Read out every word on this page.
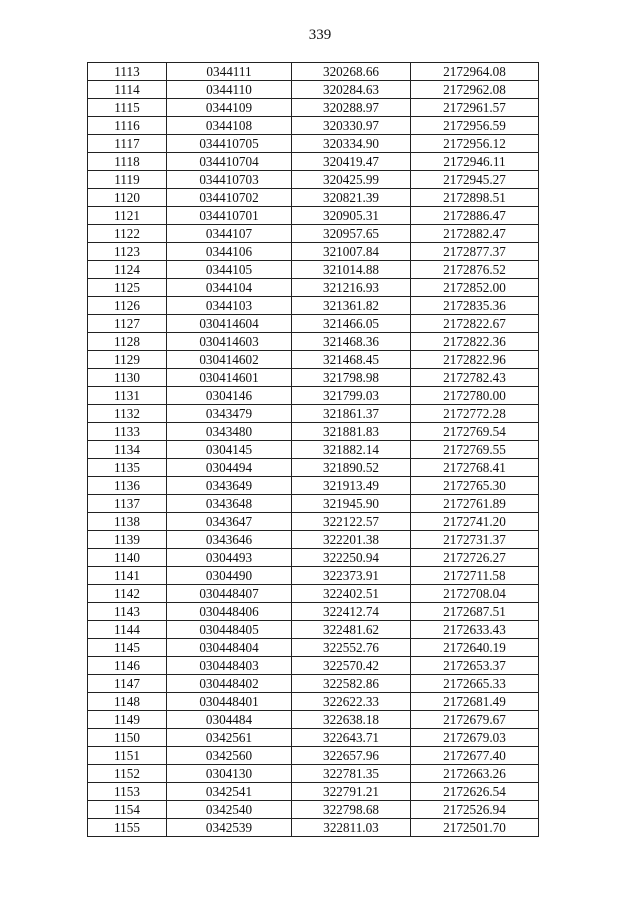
339
1113	0344111	320268.66	2172964.08
1114	0344110	320284.63	2172962.08
1115	0344109	320288.97	2172961.57
1116	0344108	320330.97	2172956.59
1117	034410705	320334.90	2172956.12
1118	034410704	320419.47	2172946.11
1119	034410703	320425.99	2172945.27
1120	034410702	320821.39	2172898.51
1121	034410701	320905.31	2172886.47
1122	0344107	320957.65	2172882.47
1123	0344106	321007.84	2172877.37
1124	0344105	321014.88	2172876.52
1125	0344104	321216.93	2172852.00
1126	0344103	321361.82	2172835.36
1127	030414604	321466.05	2172822.67
1128	030414603	321468.36	2172822.36
1129	030414602	321468.45	2172822.96
1130	030414601	321798.98	2172782.43
1131	0304146	321799.03	2172780.00
1132	0343479	321861.37	2172772.28
1133	0343480	321881.83	2172769.54
1134	0304145	321882.14	2172769.55
1135	0304494	321890.52	2172768.41
1136	0343649	321913.49	2172765.30
1137	0343648	321945.90	2172761.89
1138	0343647	322122.57	2172741.20
1139	0343646	322201.38	2172731.37
1140	0304493	322250.94	2172726.27
1141	0304490	322373.91	2172711.58
1142	030448407	322402.51	2172708.04
1143	030448406	322412.74	2172687.51
1144	030448405	322481.62	2172633.43
1145	030448404	322552.76	2172640.19
1146	030448403	322570.42	2172653.37
1147	030448402	322582.86	2172665.33
1148	030448401	322622.33	2172681.49
1149	0304484	322638.18	2172679.67
1150	0342561	322643.71	2172679.03
1151	0342560	322657.96	2172677.40
1152	0304130	322781.35	2172663.26
1153	0342541	322791.21	2172626.54
1154	0342540	322798.68	2172526.94
1155	0342539	322811.03	2172501.70
